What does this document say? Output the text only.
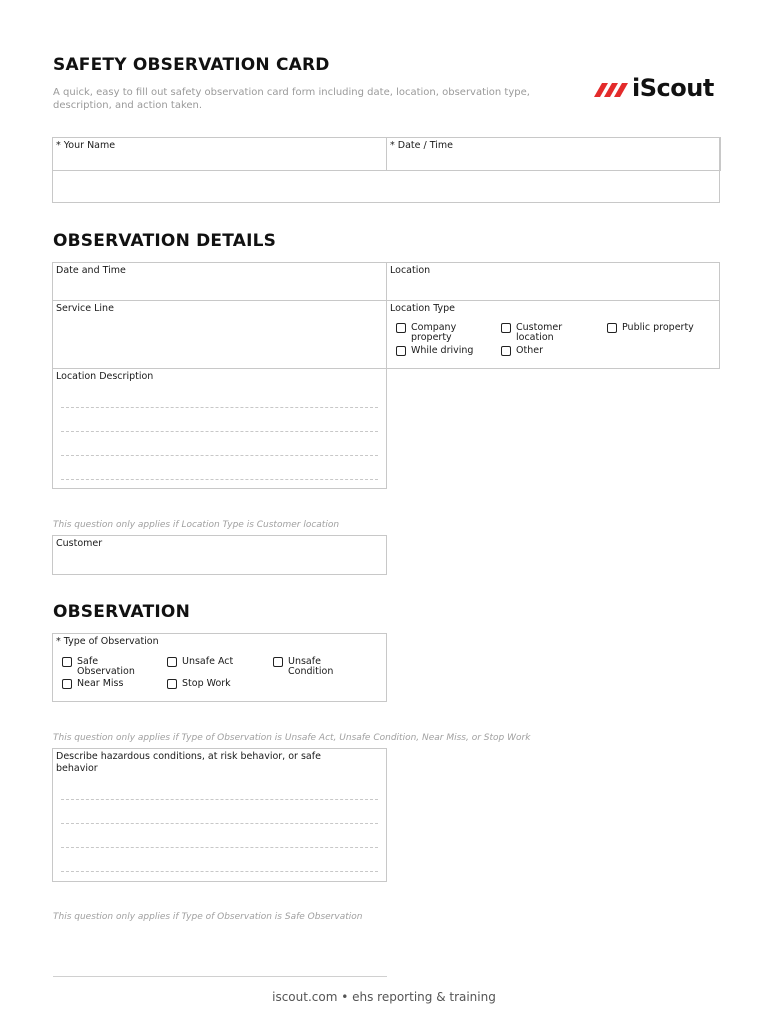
SAFETY OBSERVATION CARD
A quick, easy to fill out safety observation card form including date, location, observation type, description, and action taken.
iScout
* Your Name	* Date / Time
OBSERVATION DETAILS
Date and Time	Location
Service Line	Location Type
Company property
Customer location
Public property
While driving	Other
Location Description
This question only applies if Location Type is Customer location
Customer
OBSERVATION
* Type of Observation
Safe Observation
Unsafe Act	Unsafe Condition
Near Miss	Stop Work
This question only applies if Type of Observation is Unsafe Act, Unsafe Condition, Near Miss, or Stop Work
Describe hazardous conditions, at risk behavior, or safe behavior
This question only applies if Type of Observation is Safe Observation
iscout.com • ehs reporting & training
